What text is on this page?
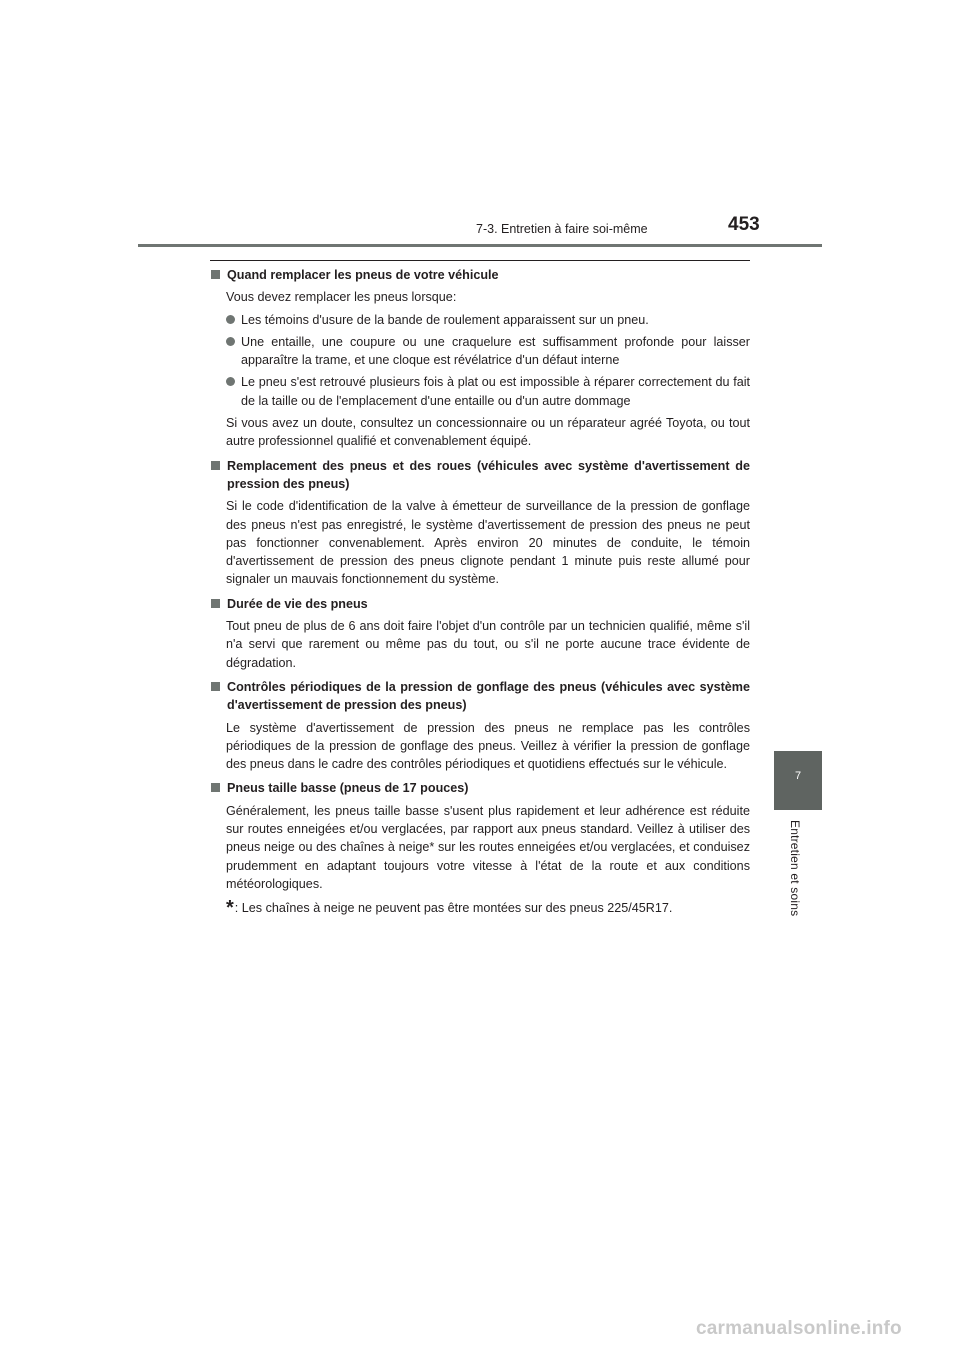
7-3. Entretien à faire soi-même	453
7
Entretien et soins
Quand remplacer les pneus de votre véhicule
Vous devez remplacer les pneus lorsque:
Les témoins d'usure de la bande de roulement apparaissent sur un pneu.
Une entaille, une coupure ou une craquelure est suffisamment profonde pour laisser apparaître la trame, et une cloque est révélatrice d'un défaut interne
Le pneu s'est retrouvé plusieurs fois à plat ou est impossible à réparer correctement du fait de la taille ou de l'emplacement d'une entaille ou d'un autre dommage
Si vous avez un doute, consultez un concessionnaire ou un réparateur agréé Toyota, ou tout autre professionnel qualifié et convenablement équipé.
Remplacement des pneus et des roues (véhicules avec système d'avertissement de pression des pneus)
Si le code d'identification de la valve à émetteur de surveillance de la pression de gonflage des pneus n'est pas enregistré, le système d'avertissement de pression des pneus ne peut pas fonctionner convenablement. Après environ 20 minutes de conduite, le témoin d'avertissement de pression des pneus clignote pendant 1 minute puis reste allumé pour signaler un mauvais fonctionnement du système.
Durée de vie des pneus
Tout pneu de plus de 6 ans doit faire l'objet d'un contrôle par un technicien qualifié, même s'il n'a servi que rarement ou même pas du tout, ou s'il ne porte aucune trace évidente de dégradation.
Contrôles périodiques de la pression de gonflage des pneus (véhicules avec système d'avertissement de pression des pneus)
Le système d'avertissement de pression des pneus ne remplace pas les contrôles périodiques de la pression de gonflage des pneus. Veillez à vérifier la pression de gonflage des pneus dans le cadre des contrôles périodiques et quotidiens effectués sur le véhicule.
Pneus taille basse (pneus de 17 pouces)
Généralement, les pneus taille basse s'usent plus rapidement et leur adhérence est réduite sur routes enneigées et/ou verglacées, par rapport aux pneus standard. Veillez à utiliser des pneus neige ou des chaînes à neige* sur les routes enneigées et/ou verglacées, et conduisez prudemment en adaptant toujours votre vitesse à l'état de la route et aux conditions météorologiques.
* : Les chaînes à neige ne peuvent pas être montées sur des pneus 225/45R17.
carmanualsonline.info
